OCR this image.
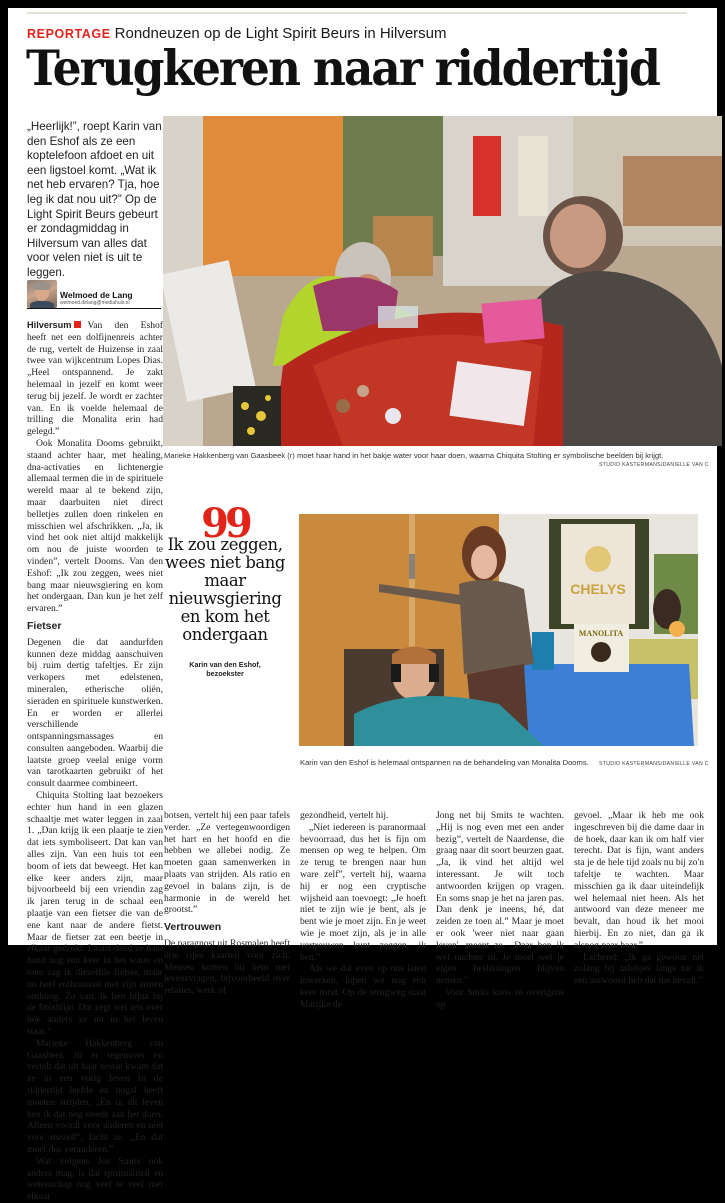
REPORTAGE Rondneuzen op de Light Spirit Beurs in Hilversum
Terugkeren naar riddertijd
„Heerlijk!”, roept Karin van den Eshof als ze een koptelefoon afdoet en uit een ligstoel komt. „Wat ik net heb ervaren? Tja, hoe leg ik dat nou uit?” Op de Light Spirit Beurs gebeurt er zondagmiddag in Hilversum van alles dat voor velen niet is uit te leggen.
Welmoed de Lang
welmoed.delang@mediahuis.nl

Hilversum Van den Eshof heeft net een dolfijnenreis achter de rug, vertelt de Huizense in zaal twee van wijkcentrum Lopes Dias. „Heel ontspannend. Je zakt helemaal in jezelf en komt weer terug bij jezelf. Je wordt er zachter van. En ik voelde helemaal de trilling die Monalita erin had gelegd.”

Ook Monalita Dooms gebruikt, staand achter haar, met healing, dna-activaties en lichtenergie allemaal termen die in de spirituele wereld maar al te bekend zijn, maar daarbuiten niet direct belletjes zullen doen rinkelen en misschien wel afschrikken. „Ja, ik vind het ook niet altijd makkelijk om nou de juiste woorden te vinden”, vertelt Dooms. Van den Eshof: „Ik zou zeggen, wees niet bang maar nieuwsgiering en kom het ondergaan. Dan kun je het zelf ervaren.”

Fietser

Degenen die dat aandurfden kunnen deze middag aanschuiven bij ruim dertig tafeltjes. Er zijn verkopers met edelstenen, mineralen, etherische oliën, sieraden en spirituele kunstwerken. En er worden er allerlei verschillende ontspanningsmassages en consulten aangeboden. Waarbij die laatste groep veelal enige vorm van tarotkaarten gebruikt of het consult daarmee combineert.

Chiquita Stolting laat bezoekers echter hun hand in een glazen schaaltje met water leggen in zaal 1. „Dan krijg ik een plaatje te zien dat iets symboliseert. Dat kan van alles zijn. Van een huis tot een boom of iets dat beweegt. Het kan elke keer anders zijn, maar bijvoorbeeld bij een vriendin zag ik jaren terug in de schaal een plaatje van een fietser die van de ene kant naar de andere fietst. Maar de fietser zat een beetje in elkaar gedrukt. Laatst deed ze haar hand nog een keer in het water en toen zag ik diezelfde fietser, maar nu heel enthousiast met zijn armen omhoog. Zo van, ik ben bijna bij de finishlijn. Dat zegt wel iets over hoe anders ze nu in het leven staat.”

Marieke Hakkenberg van Gaasbeek zit er tegenover en vertelt dat uit haar sessie kwam dat ze in een vorig leven in de riddertijd leefde en nogal heeft moeten strijden. „En in dit leven ben ik dat nog steeds aan het doen. Alleen vooral voor anderen en niet voor mezelf”, lacht ze. „En dat moet dus veranderen.”

Wat volgens Jos Smits ook anders mag, is dat spiritualiteit en wetenschap nog veel te veel met elkaar

Marieke Hakkenberg van Gaasbeek (r) moet haar hand in het bakje water voor haar doen, waarna Chiquita Stolting er symbolische beelden bij krijgt.
STUDIO KASTERMANS/DANIELLE VAN C
99
Ik zou zeggen, wees niet bang maar nieuwsgiering en kom het ondergaan
Karin van den Eshof,
bezoekster
CHELYS
MANOLITA
Karin van den Eshof is helemaal ontspannen na de behandeling van Monalita Dooms. STUDIO KASTERMANS/DANIELLE VAN C

botsen, vertelt hij een paar tafels verder. „Ze vertegenwoordigen het hart en het hoofd en die hebben we allebei nodig. Ze moeten gaan samenwerken in plaats van strijden. Als ratio en gevoel in balans zijn, is de harmonie in de wereld het grootst.”

Vertrouwen

De paragnost uit Rosmalen heeft drie rijen kaarten voor zich. Mensen komen bij hem met levensvragen, bijvoorbeeld over relaties, werk of

gezondheid, vertelt hij.

„Niet iedereen is paranormaal bevoorraad, dus het is fijn om mensen op weg te helpen. Om ze terug te brengen naar hun ware zelf”, vertelt hij, waarna hij er nog een cryptische wijsheid aan toevoegt: „Je hoeft niet te zijn wie je bent, als je bent wie je moet zijn. En je weet wie je moet zijn, als je in alle vertrouwen kunt zeggen, ik ben.”

Als we dat even op ons laten inwerken, lopen we nog een keer rond. Op de terugweg staat Marijke de

Jong net bij Smits te wachten. „Hij is nog even met een ander bezig”, vertelt de Naardense, die graag naar dit soort beurzen gaat. „Ja, ik vind het altijd wel interessant. Je wilt toch antwoorden krijgen op vragen. En soms snap je het na jaren pas. Dan denk je ineens, hé, dat zeiden ze toen al.” Maar je moet er ook 'weer niet naar gaan leven', meent ze. „Daar ben ik wel nuchter in. Je moet wel je eigen beslissingen blijven nemen.”

Voor Smits koos ze overigens op

gevoel. „Maar ik heb me ook ingeschreven bij die dame daar in de hoek, daar kan ik om half vier terecht. Dat is fijn, want anders sta je de hele tijd zoals nu bij zo'n tafeltje te wachten. Maar misschien ga ik daar uiteindelijk wel helemaal niet heen. Als het antwoord van deze meneer me bevalt, dan houd ik het mooi hierbij. En zo niet, dan ga ik alsnog naar haar.”

Lachend: „Ik ga gewoon net zolang bij tafeltjes langs tot ik een antwoord heb dat me bevalt.”
